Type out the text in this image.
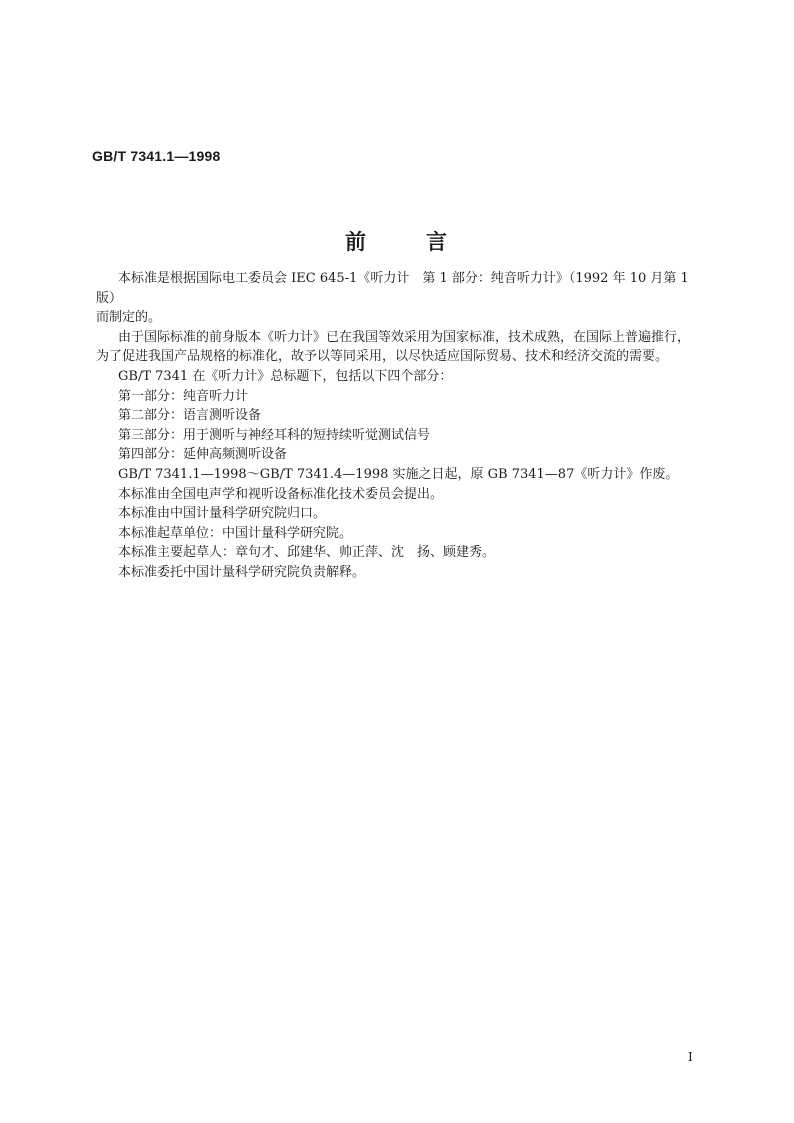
GB/T 7341.1—1998
前	言

本标准是根据国际电工委员会 IEC 645-1《听力计　第 1 部分：纯音听力计》（1992 年 10 月第 1 版）

而制定的。

由于国际标准的前身版本《听力计》已在我国等效采用为国家标准，技术成熟，在国际上普遍推行，

为了促进我国产品规格的标准化，故予以等同采用，以尽快适应国际贸易、技术和经济交流的需要。

GB/T 7341 在《听力计》总标题下，包括以下四个部分：

第一部分：纯音听力计

第二部分：语言测听设备

第三部分：用于测听与神经耳科的短持续听觉测试信号

第四部分：延伸高频测听设备

GB/T 7341.1—1998～GB/T 7341.4—1998 实施之日起，原 GB 7341—87《听力计》作废。

本标准由全国电声学和视听设备标准化技术委员会提出。

本标准由中国计量科学研究院归口。

本标准起草单位：中国计量科学研究院。

本标准主要起草人：章句才、邱建华、帅正萍、沈　扬、顾建秀。

本标准委托中国计量科学研究院负责解释。

I
